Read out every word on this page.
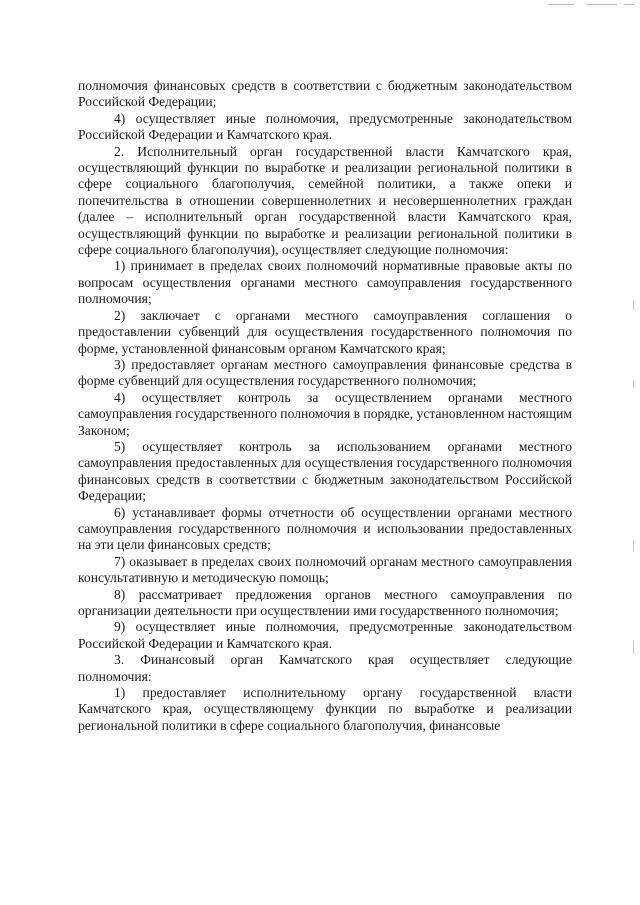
полномочия финансовых средств в соответствии с бюджетным законодательством Российской Федерации;

4) осуществляет иные полномочия, предусмотренные законодательством Российской Федерации и Камчатского края.

2. Исполнительный орган государственной власти Камчатского края, осуществляющий функции по выработке и реализации региональной политики в сфере социального благополучия, семейной политики, а также опеки и попечительства в отношении совершеннолетних и несовершеннолетних граждан (далее – исполнительный орган государственной власти Камчатского края, осуществляющий функции по выработке и реализации региональной политики в сфере социального благополучия), осуществляет следующие полномочия:

1) принимает в пределах своих полномочий нормативные правовые акты по вопросам осуществления органами местного самоуправления государственного полномочия;

2) заключает с органами местного самоуправления соглашения о предоставлении субвенций для осуществления государственного полномочия по форме, установленной финансовым органом Камчатского края;

3) предоставляет органам местного самоуправления финансовые средства в форме субвенций для осуществления государственного полномочия;

4) осуществляет контроль за осуществлением органами местного самоуправления государственного полномочия в порядке, установленном настоящим Законом;

5) осуществляет контроль за использованием органами местного самоуправления предоставленных для осуществления государственного полномочия финансовых средств в соответствии с бюджетным законодательством Российской Федерации;

6) устанавливает формы отчетности об осуществлении органами местного самоуправления государственного полномочия и использовании предоставленных на эти цели финансовых средств;

7) оказывает в пределах своих полномочий органам местного самоуправления консультативную и методическую помощь;

8) рассматривает предложения органов местного самоуправления по организации деятельности при осуществлении ими государственного полномочия;

9) осуществляет иные полномочия, предусмотренные законодательством Российской Федерации и Камчатского края.

3. Финансовый орган Камчатского края осуществляет следующие полномочия:

1) предоставляет исполнительному органу государственной власти Камчатского края, осуществляющему функции по выработке и реализации региональной политики в сфере социального благополучия, финансовые
